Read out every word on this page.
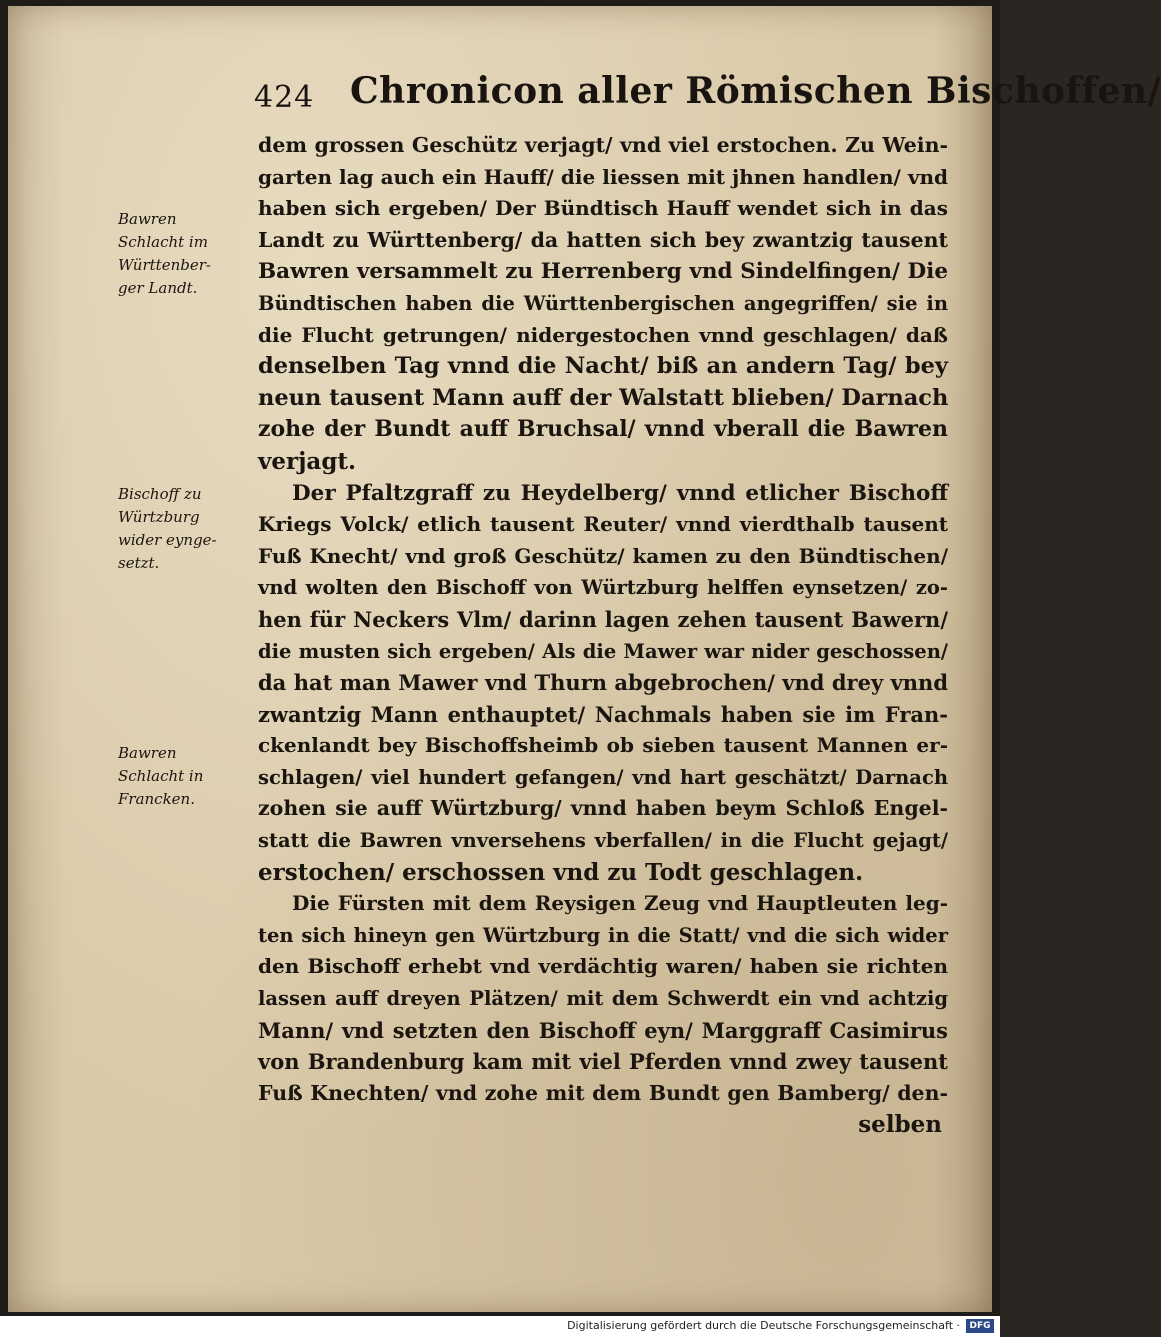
424 Chronicon aller Römischen Bischoffen/
Bawren
Schlacht im
Württenber-
ger Landt.
Bischoff zu
Würtzburg
wider eynge-
setzt.
Bawren
Schlacht in
Francken.
dem grossen Geschütz verjagt/ vnd viel erstochen. Zu Wein-
garten lag auch ein Hauff/ die liessen mit jhnen handlen/ vnd
haben sich ergeben/ Der Bündtisch Hauff wendet sich in das
Landt zu Württenberg/ da hatten sich bey zwantzig tausent
Bawren versammelt zu Herrenberg vnd Sindelfingen/ Die
Bündtischen haben die Württenbergischen angegriffen/ sie in
die Flucht getrungen/ nidergestochen vnnd geschlagen/ daß
denselben Tag vnnd die Nacht/ biß an andern Tag/ bey
neun tausent Mann auff der Walstatt blieben/ Darnach
zohe der Bundt auff Bruchsal/ vnnd vberall die Bawren
verjagt.
Der Pfaltzgraff zu Heydelberg/ vnnd etlicher Bischoff
Kriegs Volck/ etlich tausent Reuter/ vnnd vierdthalb tausent
Fuß Knecht/ vnd groß Geschütz/ kamen zu den Bündtischen/
vnd wolten den Bischoff von Würtzburg helffen eynsetzen/ zo-
hen für Neckers Vlm/ darinn lagen zehen tausent Bawern/
die musten sich ergeben/ Als die Mawer war nider geschossen/
da hat man Mawer vnd Thurn abgebrochen/ vnd drey vnnd
zwantzig Mann enthauptet/ Nachmals haben sie im Fran-
ckenlandt bey Bischoffsheimb ob sieben tausent Mannen er-
schlagen/ viel hundert gefangen/ vnd hart geschätzt/ Darnach
zohen sie auff Würtzburg/ vnnd haben beym Schloß Engel-
statt die Bawren vnversehens vberfallen/ in die Flucht gejagt/
erstochen/ erschossen vnd zu Todt geschlagen.
Die Fürsten mit dem Reysigen Zeug vnd Hauptleuten leg-
ten sich hineyn gen Würtzburg in die Statt/ vnd die sich wider
den Bischoff erhebt vnd verdächtig waren/ haben sie richten
lassen auff dreyen Plätzen/ mit dem Schwerdt ein vnd achtzig
Mann/ vnd setzten den Bischoff eyn/ Marggraff Casimirus
von Brandenburg kam mit viel Pferden vnnd zwey tausent
Fuß Knechten/ vnd zohe mit dem Bundt gen Bamberg/ den-
selben
Digitalisierung gefördert durch die Deutsche Forschungsgemeinschaft ·	DFG
